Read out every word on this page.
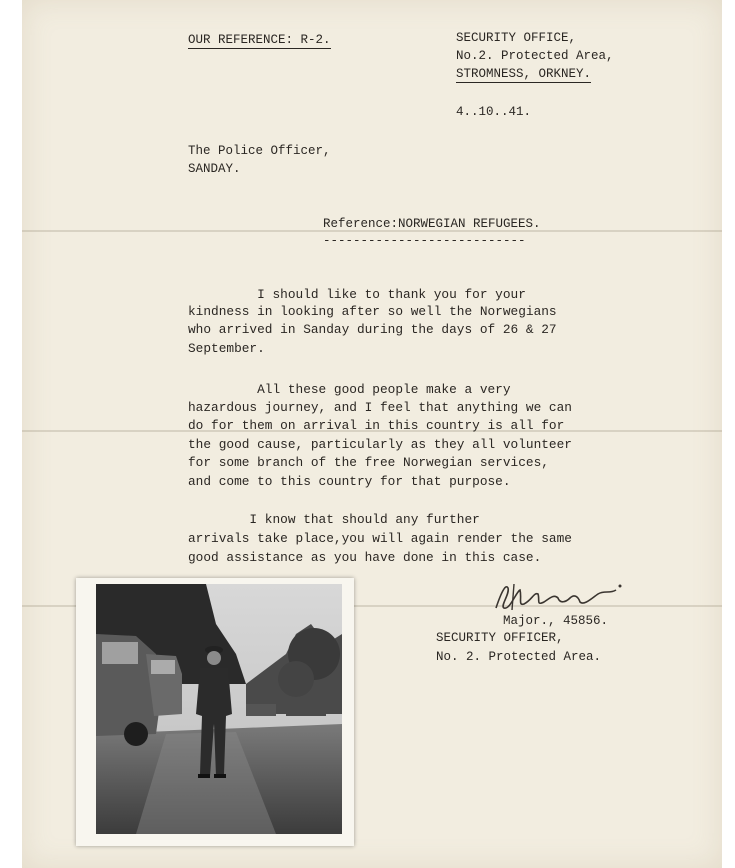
OUR REFERENCE: R-2.	SECURITY OFFICE,
No.2. Protected Area,
STROMNESS, ORKNEY.
4..10..41.
The Police Officer,
SANDAY.
Reference:NORWEGIAN REFUGEES.
---------------------------
I should like to thank you for your
kindness in looking after so well the Norwegians
who arrived in Sanday during the days of 26 & 27
September.
All these good people make a very
hazardous journey, and I feel that anything we can
do for them on arrival in this country is all for
the good cause, particularly as they all volunteer
for some branch of the free Norwegian services,
and come to this country for that purpose.
I know that should any further
arrivals take place,you will again render the same
good assistance as you have done in this case.
Major., 45856.
SECURITY OFFICER,
No. 2. Protected Area.
